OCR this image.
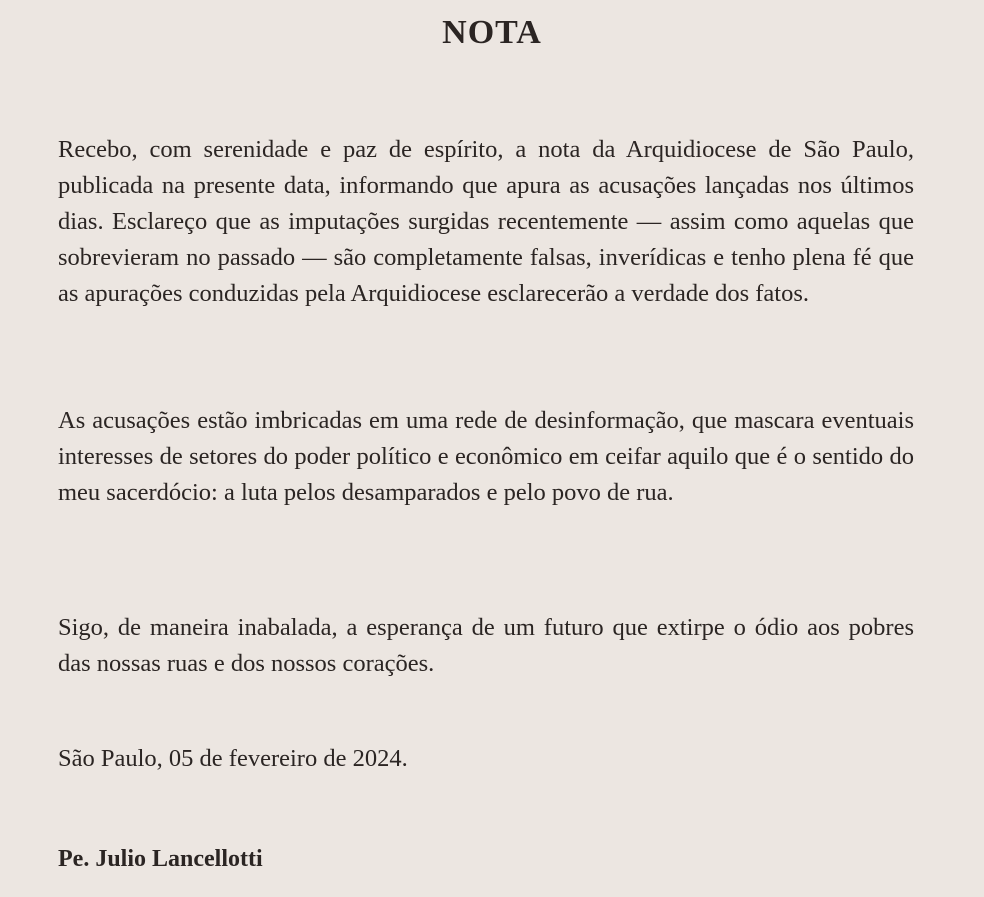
NOTA

Recebo, com serenidade e paz de espírito, a nota da Arquidiocese de São Paulo, publicada na presente data, informando que apura as acusações lançadas nos últimos dias. Esclareço que as imputações surgidas recentemente — assim como aquelas que sobrevieram no passado — são completamente falsas, inverídicas e tenho plena fé que as apurações conduzidas pela Arquidiocese esclarecerão a verdade dos fatos.

As acusações estão imbricadas em uma rede de desinformação, que mascara eventuais interesses de setores do poder político e econômico em ceifar aquilo que é o sentido do meu sacerdócio: a luta pelos desamparados e pelo povo de rua.

Sigo, de maneira inabalada, a esperança de um futuro que extirpe o ódio aos pobres das nossas ruas e dos nossos corações.

São Paulo, 05 de fevereiro de 2024.
Pe. Julio Lancellotti
